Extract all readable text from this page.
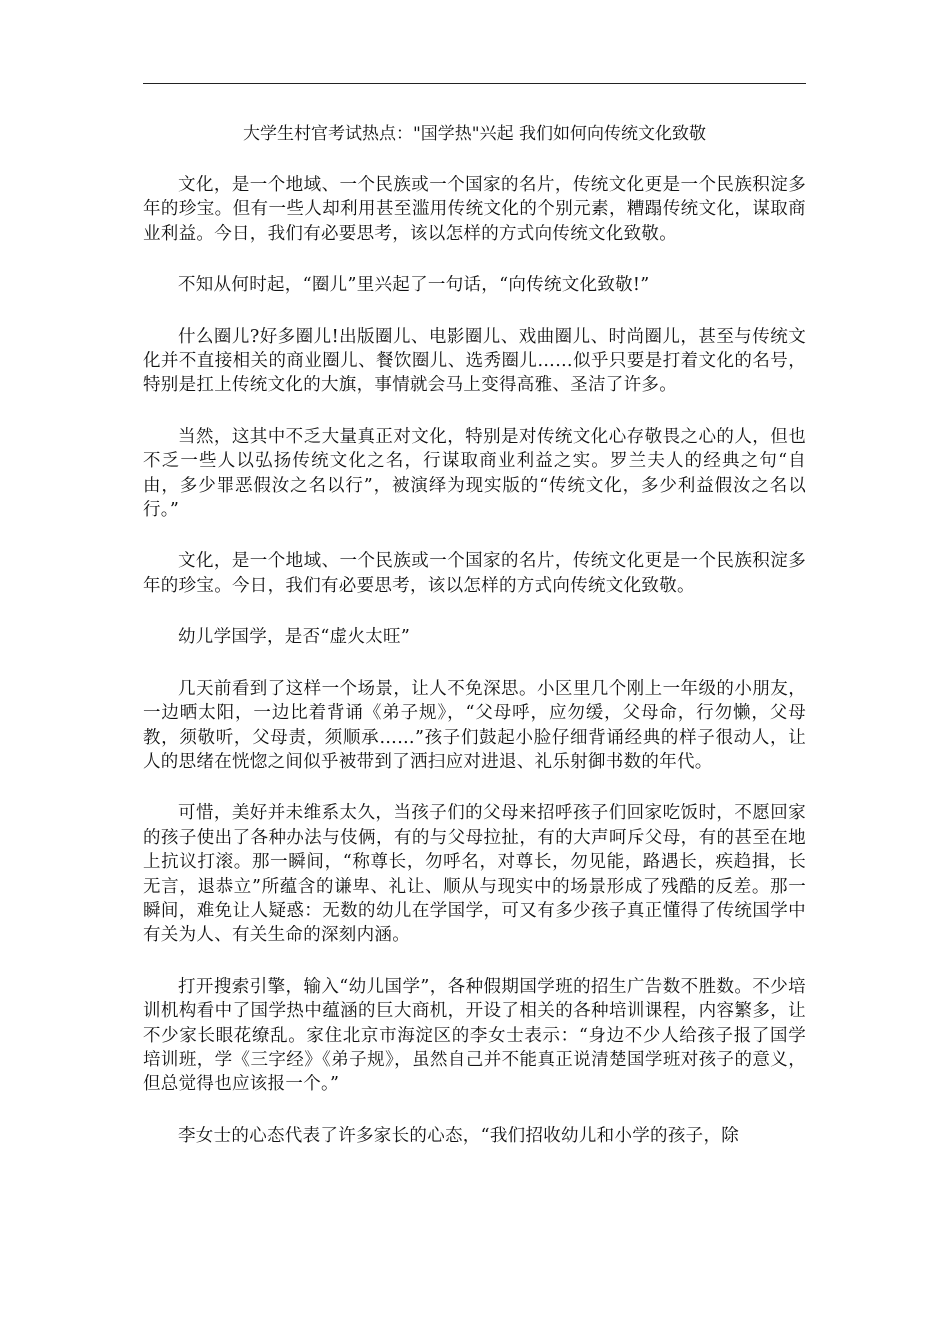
大学生村官考试热点："国学热"兴起 我们如何向传统文化致敬

文化，是一个地域、一个民族或一个国家的名片，传统文化更是一个民族积淀多年的珍宝。但有一些人却利用甚至滥用传统文化的个别元素，糟蹋传统文化，谋取商业利益。今日，我们有必要思考，该以怎样的方式向传统文化致敬。

不知从何时起，“圈儿”里兴起了一句话，“向传统文化致敬!”

什么圈儿?好多圈儿!出版圈儿、电影圈儿、戏曲圈儿、时尚圈儿，甚至与传统文化并不直接相关的商业圈儿、餐饮圈儿、选秀圈儿……似乎只要是打着文化的名号，特别是扛上传统文化的大旗，事情就会马上变得高雅、圣洁了许多。

当然，这其中不乏大量真正对文化，特别是对传统文化心存敬畏之心的人，但也不乏一些人以弘扬传统文化之名，行谋取商业利益之实。罗兰夫人的经典之句“自由，多少罪恶假汝之名以行”，被演绎为现实版的“传统文化，多少利益假汝之名以行。”

文化，是一个地域、一个民族或一个国家的名片，传统文化更是一个民族积淀多年的珍宝。今日，我们有必要思考，该以怎样的方式向传统文化致敬。

幼儿学国学，是否“虚火太旺”

几天前看到了这样一个场景，让人不免深思。小区里几个刚上一年级的小朋友，一边晒太阳，一边比着背诵《弟子规》，“父母呼，应勿缓，父母命，行勿懒，父母教，须敬听，父母责，须顺承……”孩子们鼓起小脸仔细背诵经典的样子很动人，让人的思绪在恍惚之间似乎被带到了洒扫应对进退、礼乐射御书数的年代。

可惜，美好并未维系太久，当孩子们的父母来招呼孩子们回家吃饭时，不愿回家的孩子使出了各种办法与伎俩，有的与父母拉扯，有的大声呵斥父母，有的甚至在地上抗议打滚。那一瞬间，“称尊长，勿呼名，对尊长，勿见能，路遇长，疾趋揖，长无言，退恭立”所蕴含的谦卑、礼让、顺从与现实中的场景形成了残酷的反差。那一瞬间，难免让人疑惑：无数的幼儿在学国学，可又有多少孩子真正懂得了传统国学中有关为人、有关生命的深刻内涵。

打开搜索引擎，输入“幼儿国学”，各种假期国学班的招生广告数不胜数。不少培训机构看中了国学热中蕴涵的巨大商机，开设了相关的各种培训课程，内容繁多，让不少家长眼花缭乱。家住北京市海淀区的李女士表示：“身边不少人给孩子报了国学培训班，学《三字经》《弟子规》，虽然自己并不能真正说清楚国学班对孩子的意义，但总觉得也应该报一个。”

李女士的心态代表了许多家长的心态，“我们招收幼儿和小学的孩子，除
